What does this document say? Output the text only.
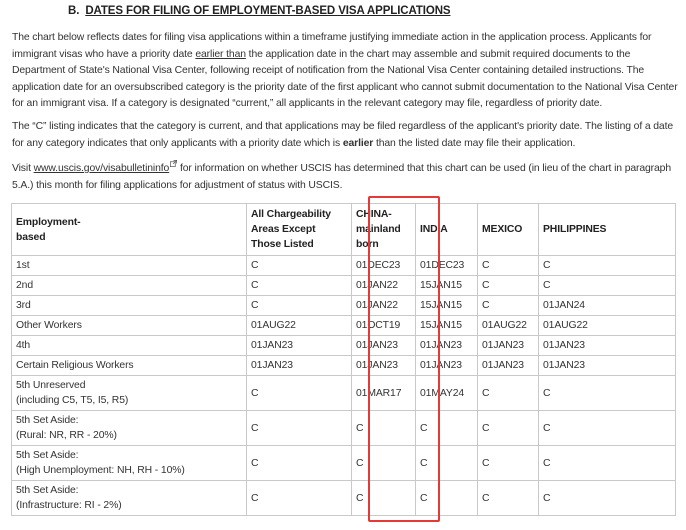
B. DATES FOR FILING OF EMPLOYMENT-BASED VISA APPLICATIONS

The chart below reflects dates for filing visa applications within a timeframe justifying immediate action in the application process. Applicants for immigrant visas who have a priority date earlier than the application date in the chart may assemble and submit required documents to the Department of State's National Visa Center, following receipt of notification from the National Visa Center containing detailed instructions. The application date for an oversubscribed category is the priority date of the first applicant who cannot submit documentation to the National Visa Center for an immigrant visa. If a category is designated “current,” all applicants in the relevant category may file, regardless of priority date.

The “C” listing indicates that the category is current, and that applications may be filed regardless of the applicant's priority date. The listing of a date for any category indicates that only applicants with a priority date which is earlier than the listed date may file their application.

Visit www.uscis.gov/visabulletininfo for information on whether USCIS has determined that this chart can be used (in lieu of the chart in paragraph 5.A.) this month for filing applications for adjustment of status with USCIS.

Employment-based	All Chargeability Areas Except Those Listed	CHINA-mainland born	INDIA	MEXICO	PHILIPPINES

1st	C	01DEC23	01DEC23	C	C

2nd	C	01JAN22	15JAN15	C	C

3rd	C	01JAN22	15JAN15	C	01JAN24

Other Workers	01AUG22	01OCT19	15JAN15	01AUG22	01AUG22

4th	01JAN23	01JAN23	01JAN23	01JAN23	01JAN23

Certain Religious Workers	01JAN23	01JAN23	01JAN23	01JAN23	01JAN23

5th Unreserved
(including C5, T5, I5, R5)	C	01MAR17	01MAY24	C	C

5th Set Aside:
(Rural: NR, RR - 20%)	C	C	C	C	C

5th Set Aside:
(High Unemployment: NH, RH - 10%)	C	C	C	C	C

5th Set Aside:
(Infrastructure: RI - 2%)	C	C	C	C	C
